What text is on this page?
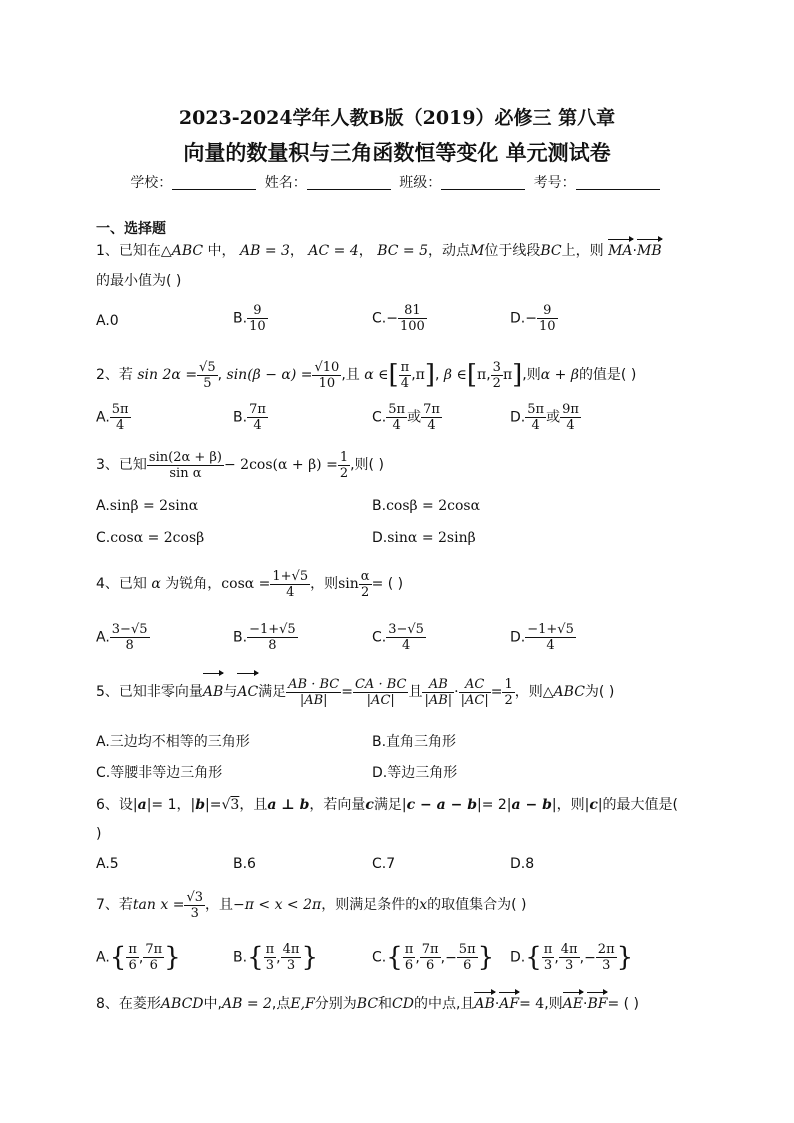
2023-2024学年人教B版（2019）必修三 第八章
向量的数量积与三角函数恒等变化 单元测试卷
学校：	姓名：	班级：	考号：
一、选择题
1、已知在△ABC 中， AB = 3， AC = 4， BC = 5，动点M位于线段BC上，则 MA·MB
的最小值为( )
A.0	B. $\frac{9}{10}$	$C.- \frac{81}{100}$	$D.- \frac{9}{10}$
2、若 $\sin 2\alpha = \frac{√5}{5}$ , $\sin(\beta - \alpha) = \frac{√10}{10}$ ,且 α ∈[ $\frac{\pi}{4} ,\pi$], β ∈[π, $\frac{3}{2} \pi$],则α + β的值是( )
A. $\frac{5\pi}{4}$	B. $\frac{7\pi}{4}$	C. $\frac{5\pi}{4}$ 或 $\frac{7\pi}{4}$	D. $\frac{5\pi}{4}$ 或 $\frac{9\pi}{4}$
3、已知 $\frac{\sin(2\alpha + \beta)}{\text{sin α}} - 2\cos(\alpha + \beta) = \frac{1}{2}$ ,则( )
A.sinβ = 2sinα	B.cosβ = 2cosα
C.cosα = 2cosβ	D.sinα = 2sinβ
4、已知 α 为锐角，$\cos\alpha = \frac{1+√5}{4}$ ，则$\sin \frac{\alpha}{2}$ = ( )
A. $\frac{3-√5}{8}$	B. $\frac{-1+√5}{8}$	C. $\frac{3-√5}{4}$	D. $\frac{-1+√5}{4}$
5、已知非零向量AB与AC满足 $\frac{AB \cdot BC}{|AB|} = \frac{CA \cdot BC}{|AC|}$ 且 $\frac{AB}{|AB|} \cdot \frac{AC}{|AC|} = \frac{1}{2}$ ，则△ABC为( )
A.三边均不相等的三角形	B.直角三角形
C.等腰非等边三角形	D.等边三角形
6、设|a|= 1，|b|=√3，且a ⊥ b，若向量c满足|c − a − b|= 2|a − b|，则|c|的最大值是(
)
A.5	B.6	C.7	D.8
7、若$\tan x = \frac{√3}{3}$ ，且−π < x < 2π，则满足条件的x的取值集合为( )
$A.\{ \frac{\pi}{6}$ , $\frac{7\pi}{6}$ }	$B.\{ \frac{\pi}{3}$ , $\frac{4\pi}{3}$ }	$C.\{ \frac{\pi}{6}$ , $\frac{7\pi}{6}$ ,− $\frac{5\pi}{6}$ } $D.\{ \frac{\pi}{3}$ , $\frac{4\pi}{3}$ ,− $\frac{2\pi}{3}$ }
8、在菱形ABCD中,AB = 2,点E,F分别为BC和CD的中点,且AB·AF= 4,则AE·BF= ( )
